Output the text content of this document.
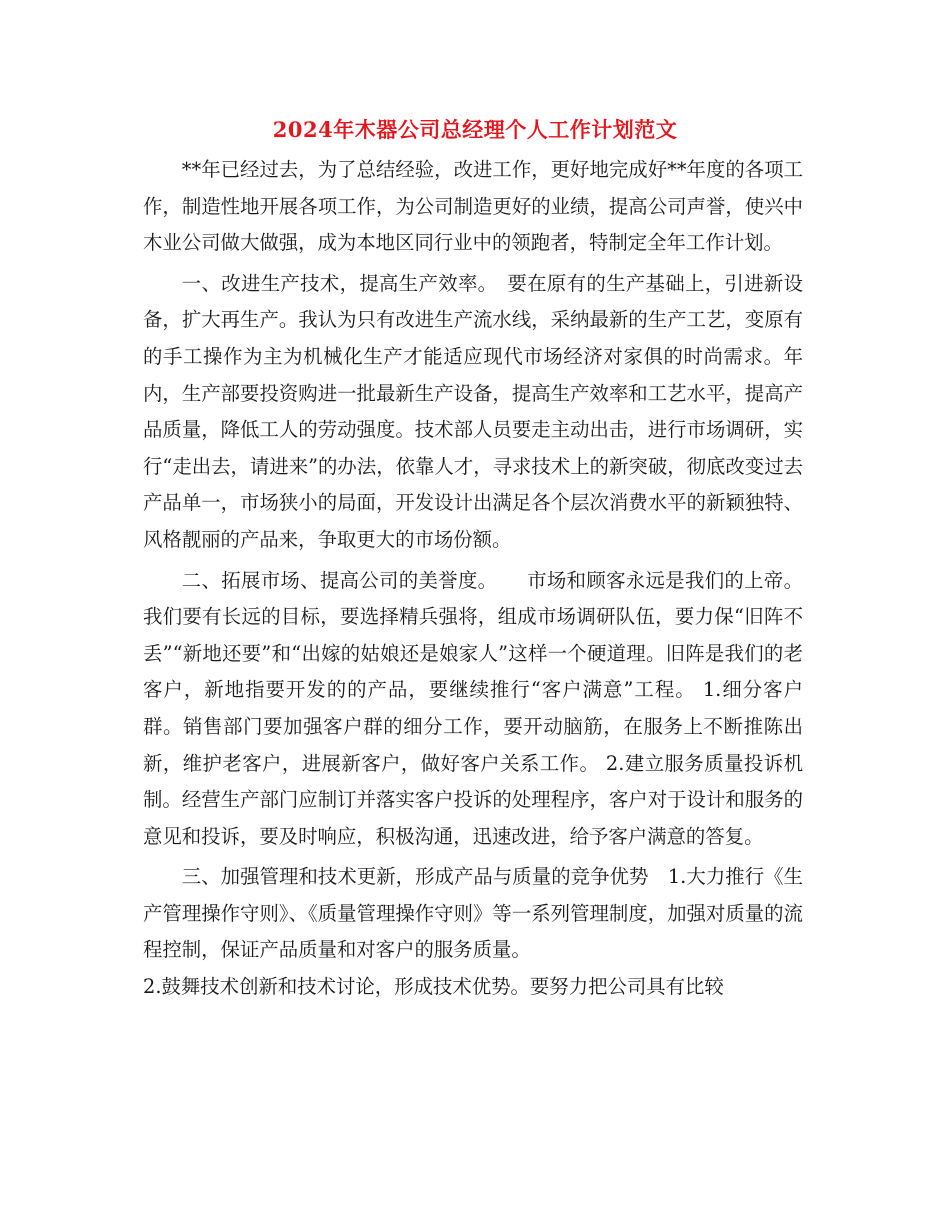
2024年木器公司总经理个人工作计划范文

**年已经过去，为了总结经验，改进工作，更好地完成好**年度的各项工作，制造性地开展各项工作，为公司制造更好的业绩，提高公司声誉，使兴中木业公司做大做强，成为本地区同行业中的领跑者，特制定全年工作计划。

一、改进生产技术，提高生产效率。　要在原有的生产基础上，引进新设备，扩大再生产。我认为只有改进生产流水线，采纳最新的生产工艺，变原有的手工操作为主为机械化生产才能适应现代市场经济对家俱的时尚需求。年内，生产部要投资购进一批最新生产设备，提高生产效率和工艺水平，提高产品质量，降低工人的劳动强度。技术部人员要走主动出击，进行市场调研，实行“走出去，请进来”的办法，依靠人才，寻求技术上的新突破，彻底改变过去产品单一，市场狭小的局面，开发设计出满足各个层次消费水平的新颖独特、风格靓丽的产品来，争取更大的市场份额。

二、拓展市场、提高公司的美誉度。　　市场和顾客永远是我们的上帝。我们要有长远的目标，要选择精兵强将，组成市场调研队伍，要力保“旧阵不丢”“新地还要”和“出嫁的姑娘还是娘家人”这样一个硬道理。旧阵是我们的老客户，新地指要开发的的产品，要继续推行“客户满意”工程。 1.细分客户群。销售部门要加强客户群的细分工作，要开动脑筋，在服务上不断推陈出新，维护老客户，进展新客户，做好客户关系工作。 2.建立服务质量投诉机制。经营生产部门应制订并落实客户投诉的处理程序，客户对于设计和服务的意见和投诉，要及时响应，积极沟通，迅速改进，给予客户满意的答复。

三、加强管理和技术更新，形成产品与质量的竞争优势　1.大力推行《生产管理操作守则》、《质量管理操作守则》等一系列管理制度，加强对质量的流程控制，保证产品质量和对客户的服务质量。

2.鼓舞技术创新和技术讨论，形成技术优势。要努力把公司具有比较
